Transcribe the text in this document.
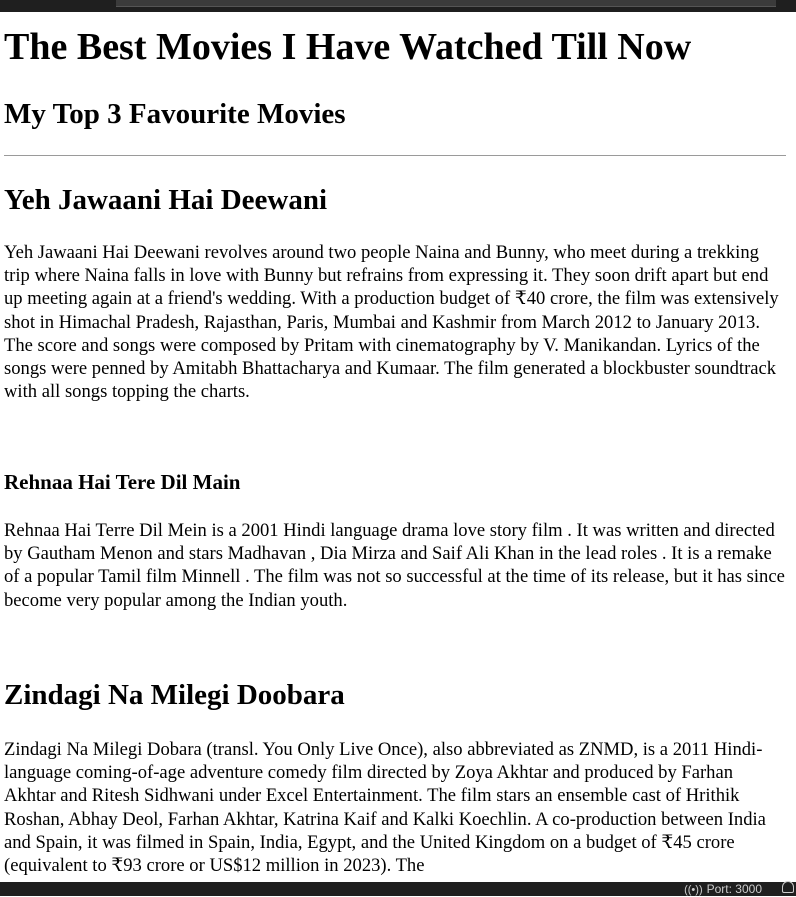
The Best Movies I Have Watched Till Now
My Top 3 Favourite Movies
Yeh Jawaani Hai Deewani

Yeh Jawaani Hai Deewani revolves around two people Naina and Bunny, who meet during a trekking trip where Naina falls in love with Bunny but refrains from expressing it. They soon drift apart but end up meeting again at a friend's wedding. With a production budget of ₹40 crore, the film was extensively shot in Himachal Pradesh, Rajasthan, Paris, Mumbai and Kashmir from March 2012 to January 2013. The score and songs were composed by Pritam with cinematography by V. Manikandan. Lyrics of the songs were penned by Amitabh Bhattacharya and Kumaar. The film generated a blockbuster soundtrack with all songs topping the charts.

Rehnaa Hai Tere Dil Main

Rehnaa Hai Terre Dil Mein is a 2001 Hindi language drama love story film . It was written and directed by Gautham Menon and stars Madhavan , Dia Mirza and Saif Ali Khan in the lead roles . It is a remake of a popular Tamil film Minnell . The film was not so successful at the time of its release, but it has since become very popular among the Indian youth.

Zindagi Na Milegi Doobara

Zindagi Na Milegi Dobara (transl. You Only Live Once), also abbreviated as ZNMD, is a 2011 Hindi-language coming-of-age adventure comedy film directed by Zoya Akhtar and produced by Farhan Akhtar and Ritesh Sidhwani under Excel Entertainment. The film stars an ensemble cast of Hrithik Roshan, Abhay Deol, Farhan Akhtar, Katrina Kaif and Kalki Koechlin. A co-production between India and Spain, it was filmed in Spain, India, Egypt, and the United Kingdom on a budget of ₹45 crore (equivalent to ₹93 crore or US$12 million in 2023). The

((•)) Port: 3000
